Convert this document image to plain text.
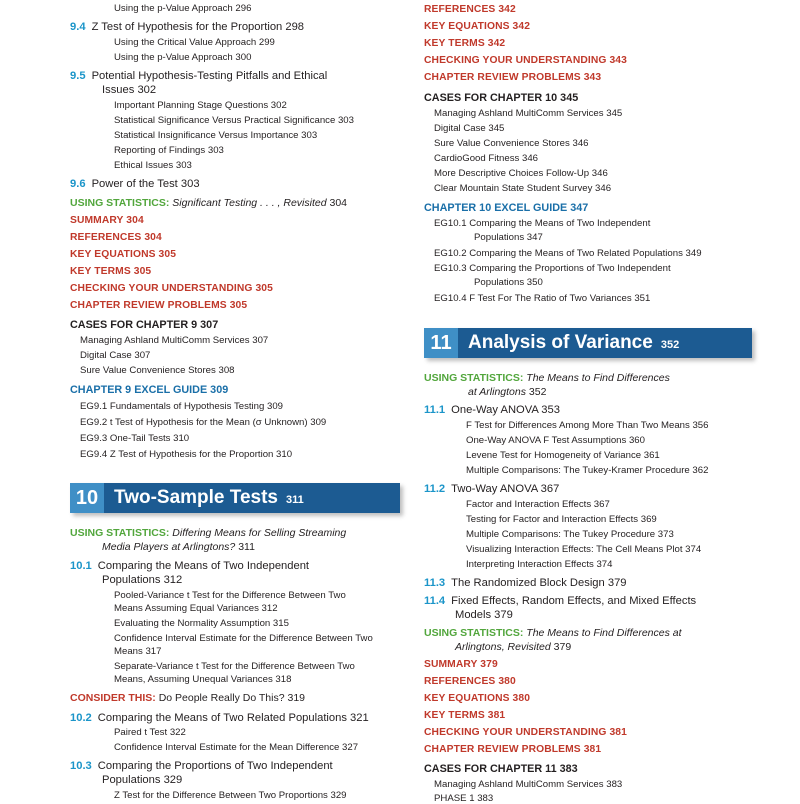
Using the p-Value Approach 296
9.4 Z Test of Hypothesis for the Proportion 298
Using the Critical Value Approach 299
Using the p-Value Approach 300
9.5 Potential Hypothesis-Testing Pitfalls and Ethical
Issues 302
Important Planning Stage Questions 302
Statistical Significance Versus Practical Significance 303
Statistical Insignificance Versus Importance 303
Reporting of Findings 303
Ethical Issues 303
9.6 Power of the Test 303
USING STATISTICS: Significant Testing . . . , Revisited 304
SUMMARY 304
REFERENCES 304
KEY EQUATIONS 305
KEY TERMS 305
CHECKING YOUR UNDERSTANDING 305
CHAPTER REVIEW PROBLEMS 305
CASES FOR CHAPTER 9 307
Managing Ashland MultiComm Services 307
Digital Case 307
Sure Value Convenience Stores 308
CHAPTER 9 EXCEL GUIDE 309
EG9.1 Fundamentals of Hypothesis Testing 309
EG9.2 t Test of Hypothesis for the Mean (σ Unknown) 309
EG9.3 One-Tail Tests 310
EG9.4 Z Test of Hypothesis for the Proportion 310
10 Two-Sample Tests 311
USING STATISTICS: Differing Means for Selling Streaming
Media Players at Arlingtons? 311
10.1 Comparing the Means of Two Independent
Populations 312
Pooled-Variance t Test for the Difference Between Two
Means Assuming Equal Variances 312
Evaluating the Normality Assumption 315
Confidence Interval Estimate for the Difference Between Two
Means 317
Separate-Variance t Test for the Difference Between Two
Means, Assuming Unequal Variances 318
CONSIDER THIS: Do People Really Do This? 319
10.2 Comparing the Means of Two Related Populations 321
Paired t Test 322
Confidence Interval Estimate for the Mean Difference 327
10.3 Comparing the Proportions of Two Independent
Populations 329
Z Test for the Difference Between Two Proportions 329
REFERENCES 342
KEY EQUATIONS 342
KEY TERMS 342
CHECKING YOUR UNDERSTANDING 343
CHAPTER REVIEW PROBLEMS 343
CASES FOR CHAPTER 10 345
Managing Ashland MultiComm Services 345
Digital Case 345
Sure Value Convenience Stores 346
CardioGood Fitness 346
More Descriptive Choices Follow-Up 346
Clear Mountain State Student Survey 346
CHAPTER 10 EXCEL GUIDE 347
EG10.1 Comparing the Means of Two Independent
Populations 347
EG10.2 Comparing the Means of Two Related Populations 349
EG10.3 Comparing the Proportions of Two Independent
Populations 350
EG10.4 F Test For The Ratio of Two Variances 351
11 Analysis of Variance 352
USING STATISTICS: The Means to Find Differences
at Arlingtons 352
11.1 One-Way ANOVA 353
F Test for Differences Among More Than Two Means 356
One-Way ANOVA F Test Assumptions 360
Levene Test for Homogeneity of Variance 361
Multiple Comparisons: The Tukey-Kramer Procedure 362
11.2 Two-Way ANOVA 367
Factor and Interaction Effects 367
Testing for Factor and Interaction Effects 369
Multiple Comparisons: The Tukey Procedure 373
Visualizing Interaction Effects: The Cell Means Plot 374
Interpreting Interaction Effects 374
11.3 The Randomized Block Design 379
11.4 Fixed Effects, Random Effects, and Mixed Effects
Models 379
USING STATISTICS: The Means to Find Differences at
Arlingtons, Revisited 379
SUMMARY 379
REFERENCES 380
KEY EQUATIONS 380
KEY TERMS 381
CHECKING YOUR UNDERSTANDING 381
CHAPTER REVIEW PROBLEMS 381
CASES FOR CHAPTER 11 383
Managing Ashland MultiComm Services 383
PHASE 1 383
